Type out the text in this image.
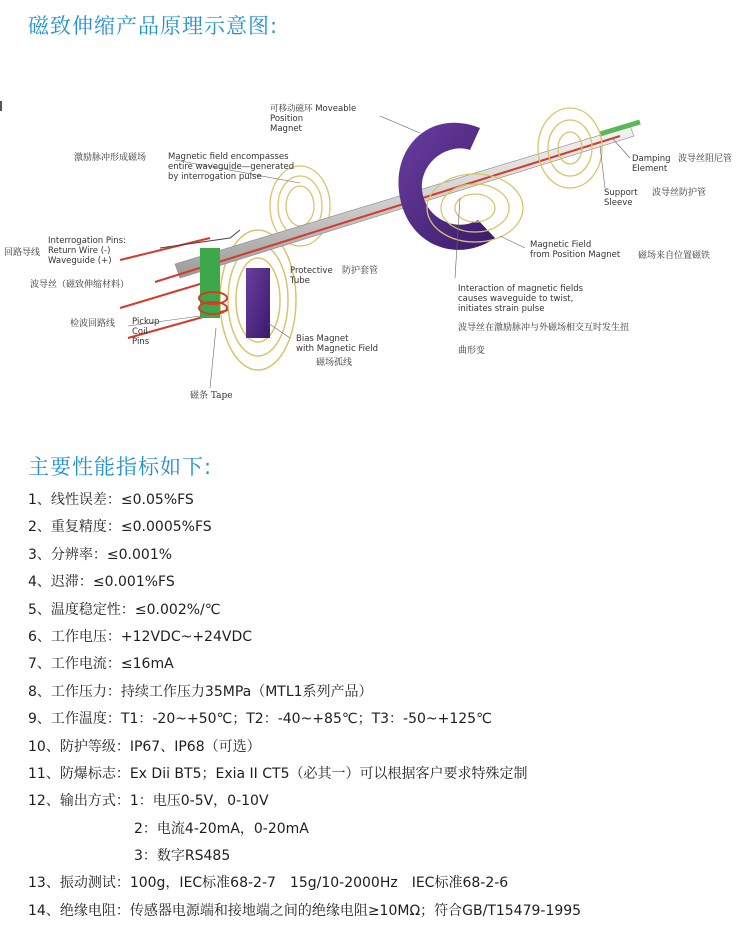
磁致伸缩产品原理示意图:
可移动磁环 Moveable
Position
Magnet
激励脉冲形成磁场	Magnetic field encompasses
entire waveguide—generated
by interrogation pulse
Damping
Element
波导丝阻尼管
Support
Sleeve
波导丝防护管
Interrogation Pins:
Return Wire (-)
Waveguide (+)
回路导线
波导丝（磁致伸缩材料）
Protective
Tube
防护套管
Magnetic Field
from Position Magnet 磁场来自位置磁铁
Interaction of magnetic fields
causes waveguide to twist,
initiates strain pulse
波导丝在激励脉冲与外磁场相交互时发生扭
曲形变
检波回路线 Pickup
Coil
Pins	Bias Magnet
with Magnetic Field
磁场孤线
磁条 Tape
主要性能指标如下:
1、线性误差：≤0.05%FS
2、重复精度：≤0.0005%FS
3、分辨率：≤0.001%
4、迟滞：≤0.001%FS
5、温度稳定性：≤0.002%/℃
6、工作电压：+12VDC~+24VDC
7、工作电流：≤16mA
8、工作压力：持续工作压力35MPa（MTL1系列产品）
9、工作温度：T1：-20~+50℃；T2：-40~+85℃；T3：-50~+125℃
10、防护等级：IP67、IP68（可选）
11、防爆标志：Ex Dii BT5；Exia II CT5（必其一）可以根据客户要求特殊定制
12、输出方式：1：电压0-5V，0-10V
2：电流4-20mA，0-20mA
3：数字RS485
13、振动测试：100g，IEC标准68-2-7　15g/10-2000Hz　IEC标准68-2-6
14、绝缘电阻：传感器电源端和接地端之间的绝缘电阻≥10MΩ；符合GB/T15479-1995
